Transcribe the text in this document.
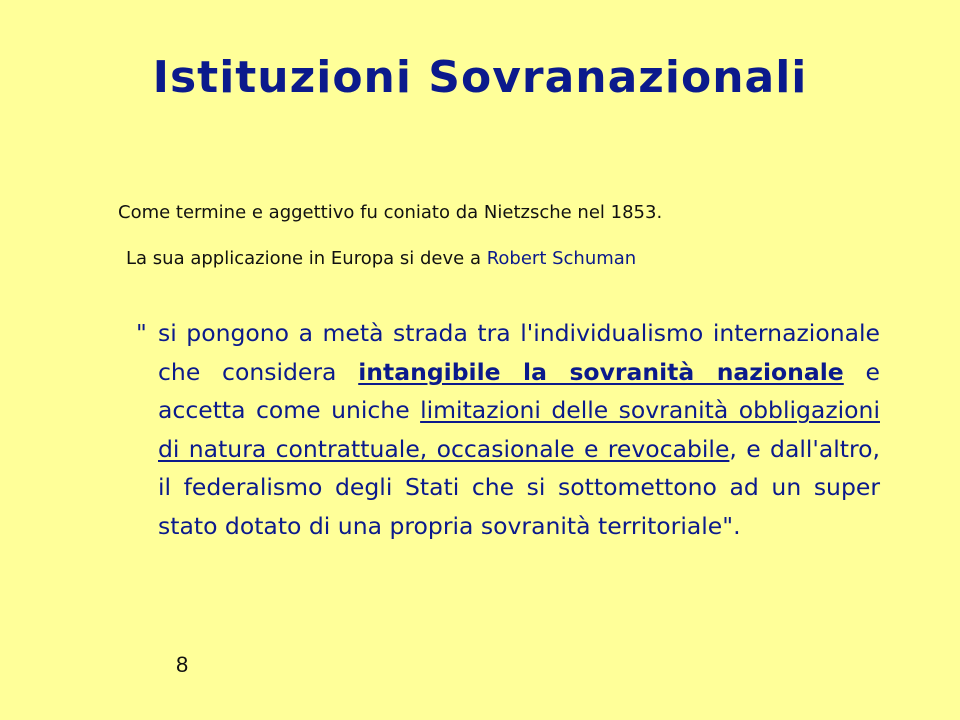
Istituzioni Sovranazionali
Come termine e aggettivo fu coniato da Nietzsche nel 1853.
La sua applicazione in Europa si deve a Robert Schuman
" si pongono a metà strada tra l'individualismo internazionale che considera intangibile la sovranità nazionale e accetta come uniche limitazioni delle sovranità obbligazioni di natura contrattuale, occasionale e revocabile, e dall'altro, il federalismo degli Stati che si sottomettono ad un super stato dotato di una propria sovranità territoriale".
8
